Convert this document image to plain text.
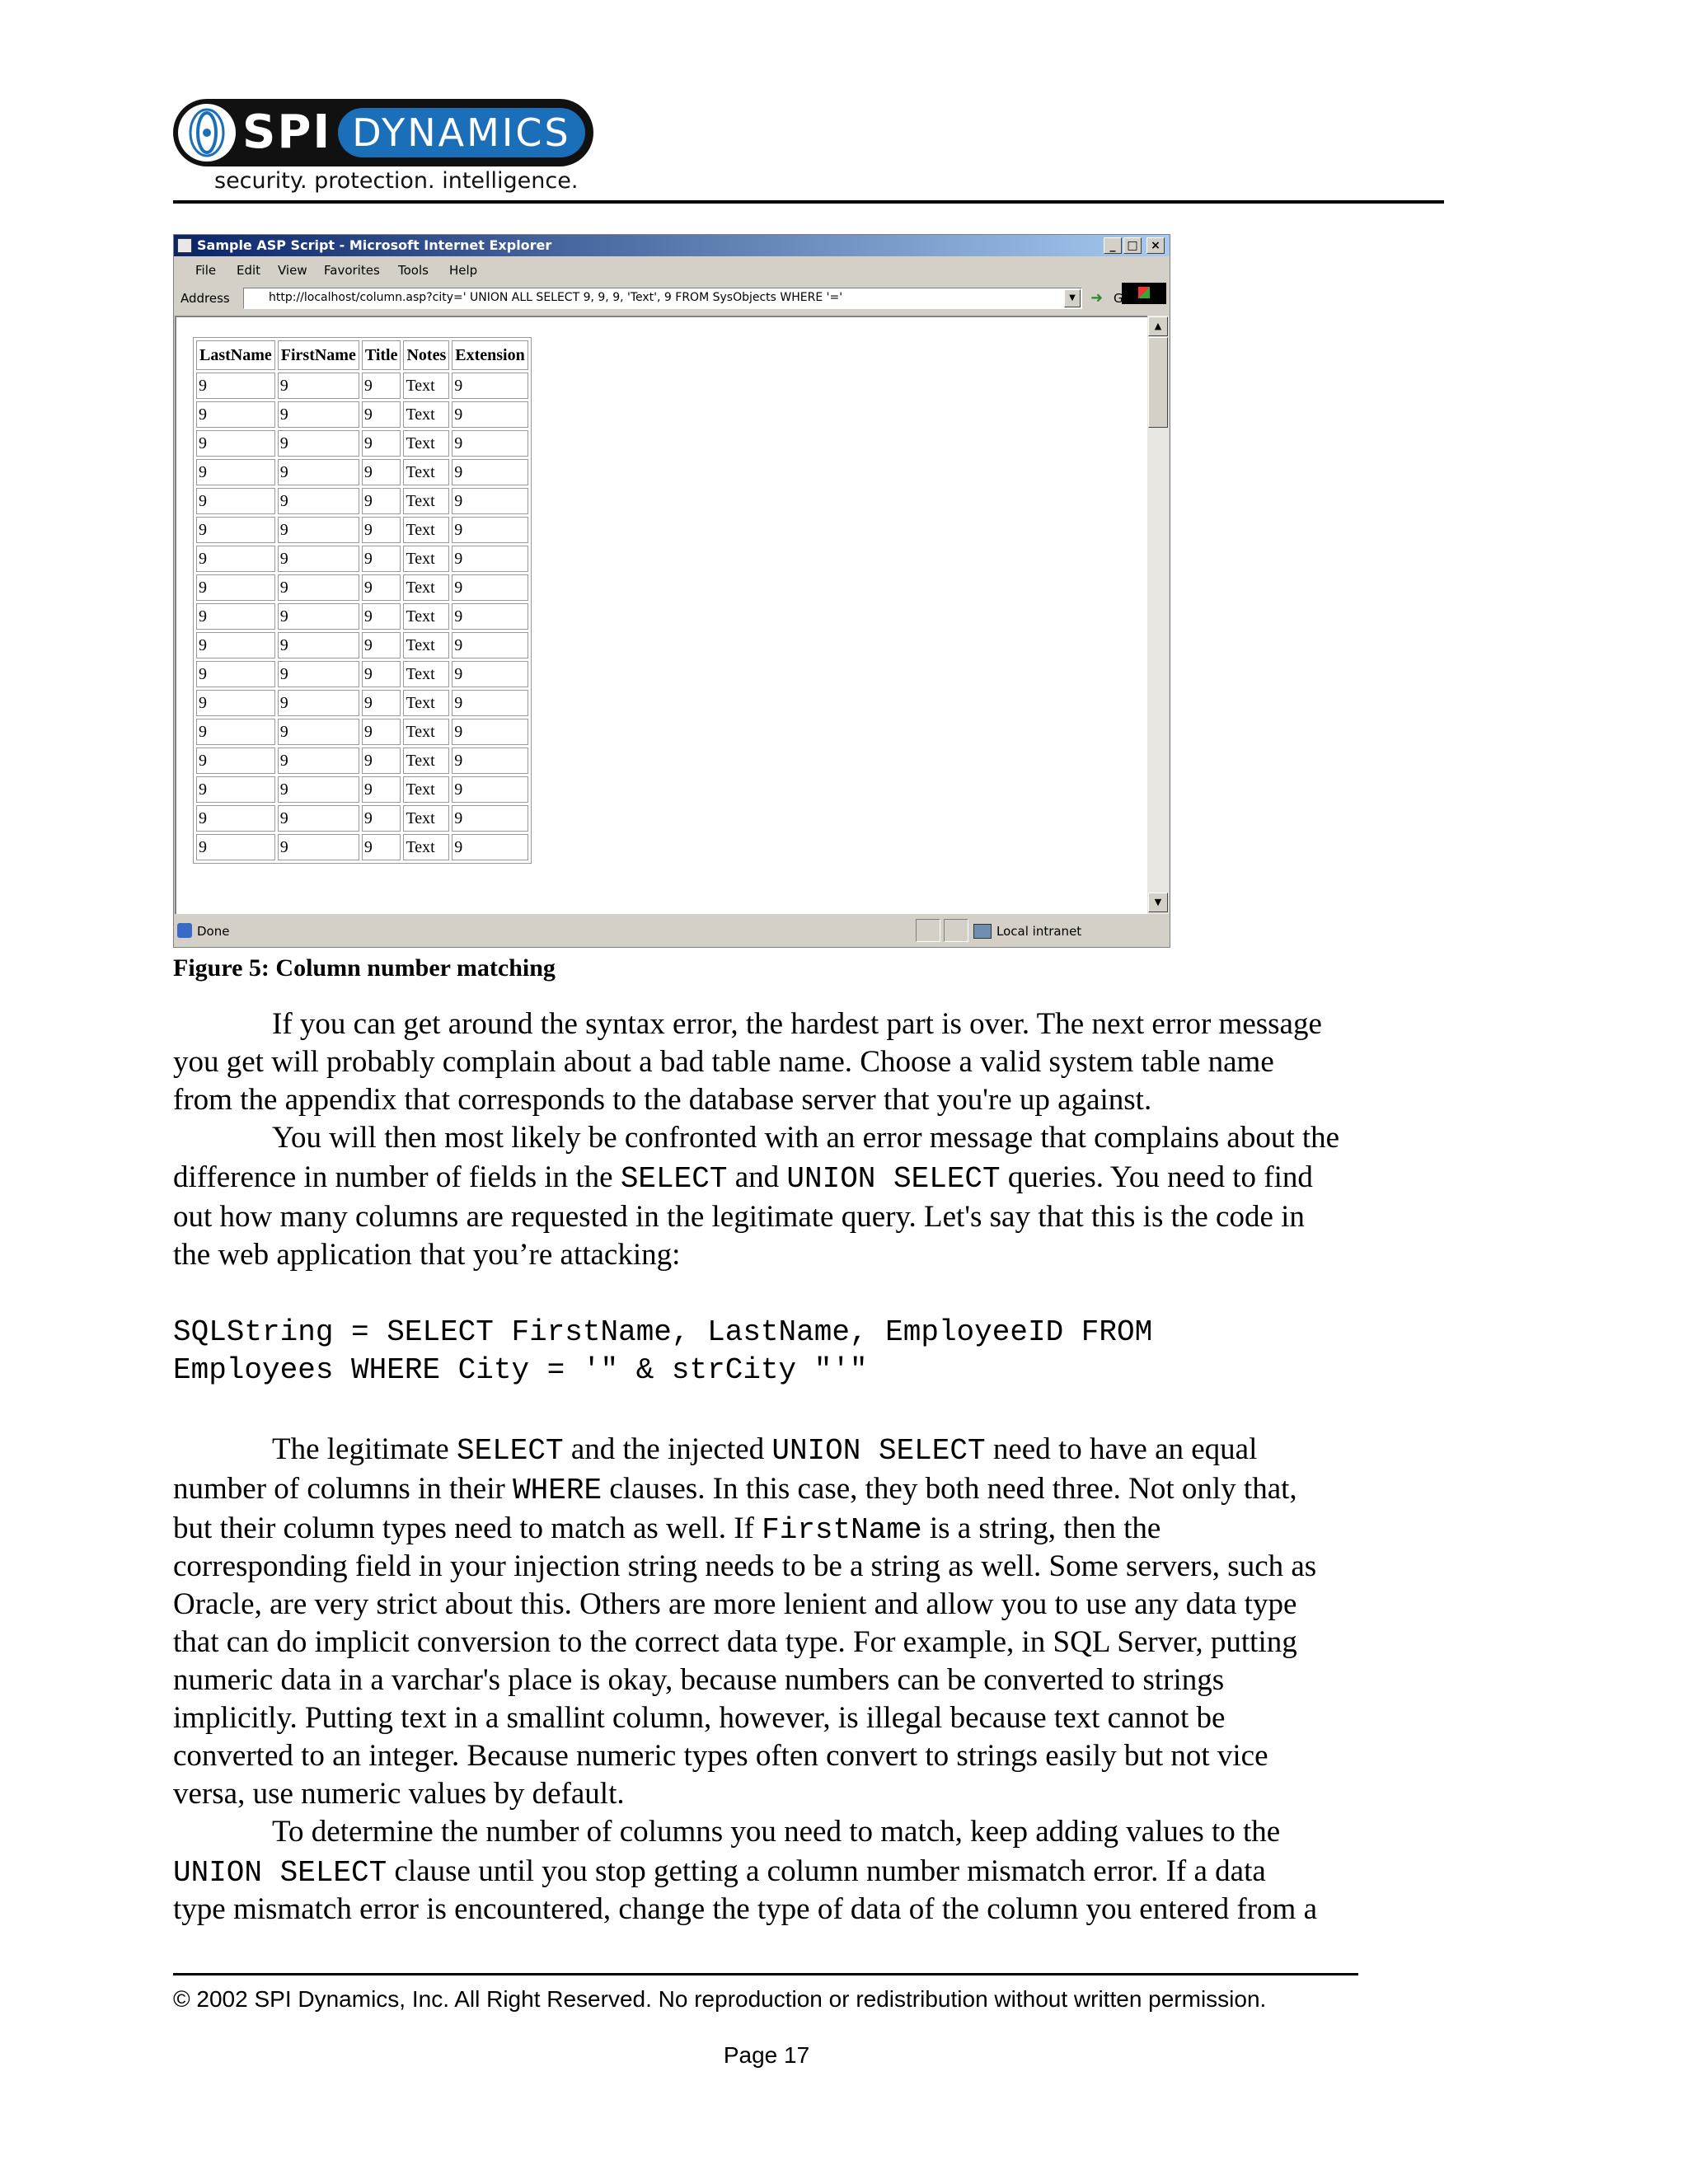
SPI DYNAMICS
security. protection. intelligence.
Sample ASP Script - Microsoft Internet Explorer	_ □	×
File Edit View Favorites Tools Help
Address	http://localhost/column.asp?city=' UNION ALL SELECT 9, 9, 9, 'Text', 9 FROM SysObjects WHERE '='	▼	➜ Go
LastName	FirstName	Title	Notes	Extension
9	9	9	Text	9
9	9	9	Text	9
9	9	9	Text	9
9	9	9	Text	9
9	9	9	Text	9
9	9	9	Text	9
9	9	9	Text	9
9	9	9	Text	9
9	9	9	Text	9
9	9	9	Text	9
9	9	9	Text	9
9	9	9	Text	9
9	9	9	Text	9
9	9	9	Text	9
9	9	9	Text	9
9	9	9	Text	9
9	9	9	Text	9
▲
▼
Done	Local intranet
Figure 5: Column number matching
If you can get around the syntax error, the hardest part is over. The next error message
you get will probably complain about a bad table name. Choose a valid system table name
from the appendix that corresponds to the database server that you're up against.
You will then most likely be confronted with an error message that complains about the
difference in number of fields in the SELECT and UNION SELECT queries. You need to find
out how many columns are requested in the legitimate query. Let's say that this is the code in
the web application that you’re attacking:
SQLString = SELECT FirstName, LastName, EmployeeID FROM
Employees WHERE City = '" & strCity "'"
The legitimate SELECT and the injected UNION SELECT need to have an equal
number of columns in their WHERE clauses. In this case, they both need three. Not only that,
but their column types need to match as well. If FirstName is a string, then the
corresponding field in your injection string needs to be a string as well. Some servers, such as
Oracle, are very strict about this. Others are more lenient and allow you to use any data type
that can do implicit conversion to the correct data type. For example, in SQL Server, putting
numeric data in a varchar's place is okay, because numbers can be converted to strings
implicitly. Putting text in a smallint column, however, is illegal because text cannot be
converted to an integer. Because numeric types often convert to strings easily but not vice
versa, use numeric values by default.
To determine the number of columns you need to match, keep adding values to the
UNION SELECT clause until you stop getting a column number mismatch error. If a data
type mismatch error is encountered, change the type of data of the column you entered from a
© 2002 SPI Dynamics, Inc. All Right Reserved. No reproduction or redistribution without written permission.
Page 17
